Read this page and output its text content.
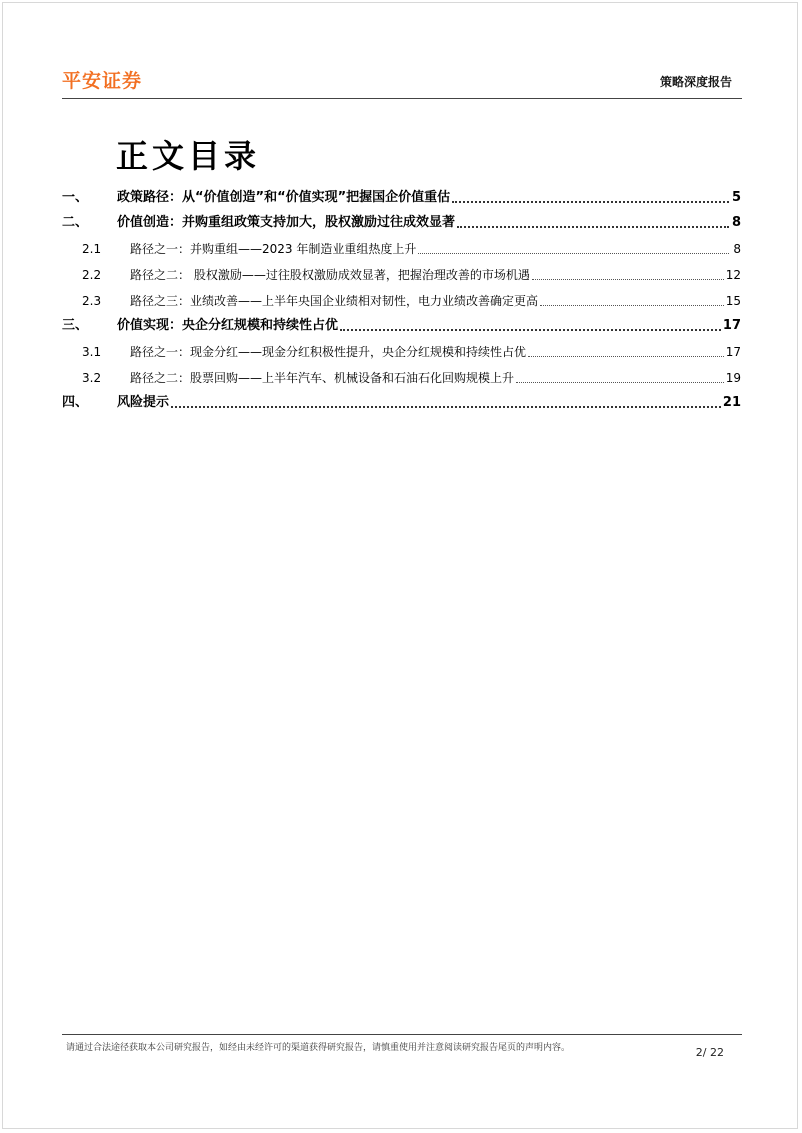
平安证券	策略深度报告
正文目录
一、	政策路径：从“价值创造”和“价值实现”把握国企价值重估	5
二、	价值创造：并购重组政策支持加大，股权激励过往成效显著	8
2.1	路径之一：并购重组——2023 年制造业重组热度上升	8
2.2	路径之二： 股权激励——过往股权激励成效显著，把握治理改善的市场机遇	12
2.3	路径之三：业绩改善——上半年央国企业绩相对韧性，电力业绩改善确定更高	15
三、	价值实现：央企分红规模和持续性占优	17
3.1	路径之一：现金分红——现金分红积极性提升，央企分红规模和持续性占优	17
3.2	路径之二：股票回购——上半年汽车、机械设备和石油石化回购规模上升	19
四、	风险提示	21
请通过合法途径获取本公司研究报告，如经由未经许可的渠道获得研究报告，请慎重使用并注意阅读研究报告尾页的声明内容。	2/ 22
